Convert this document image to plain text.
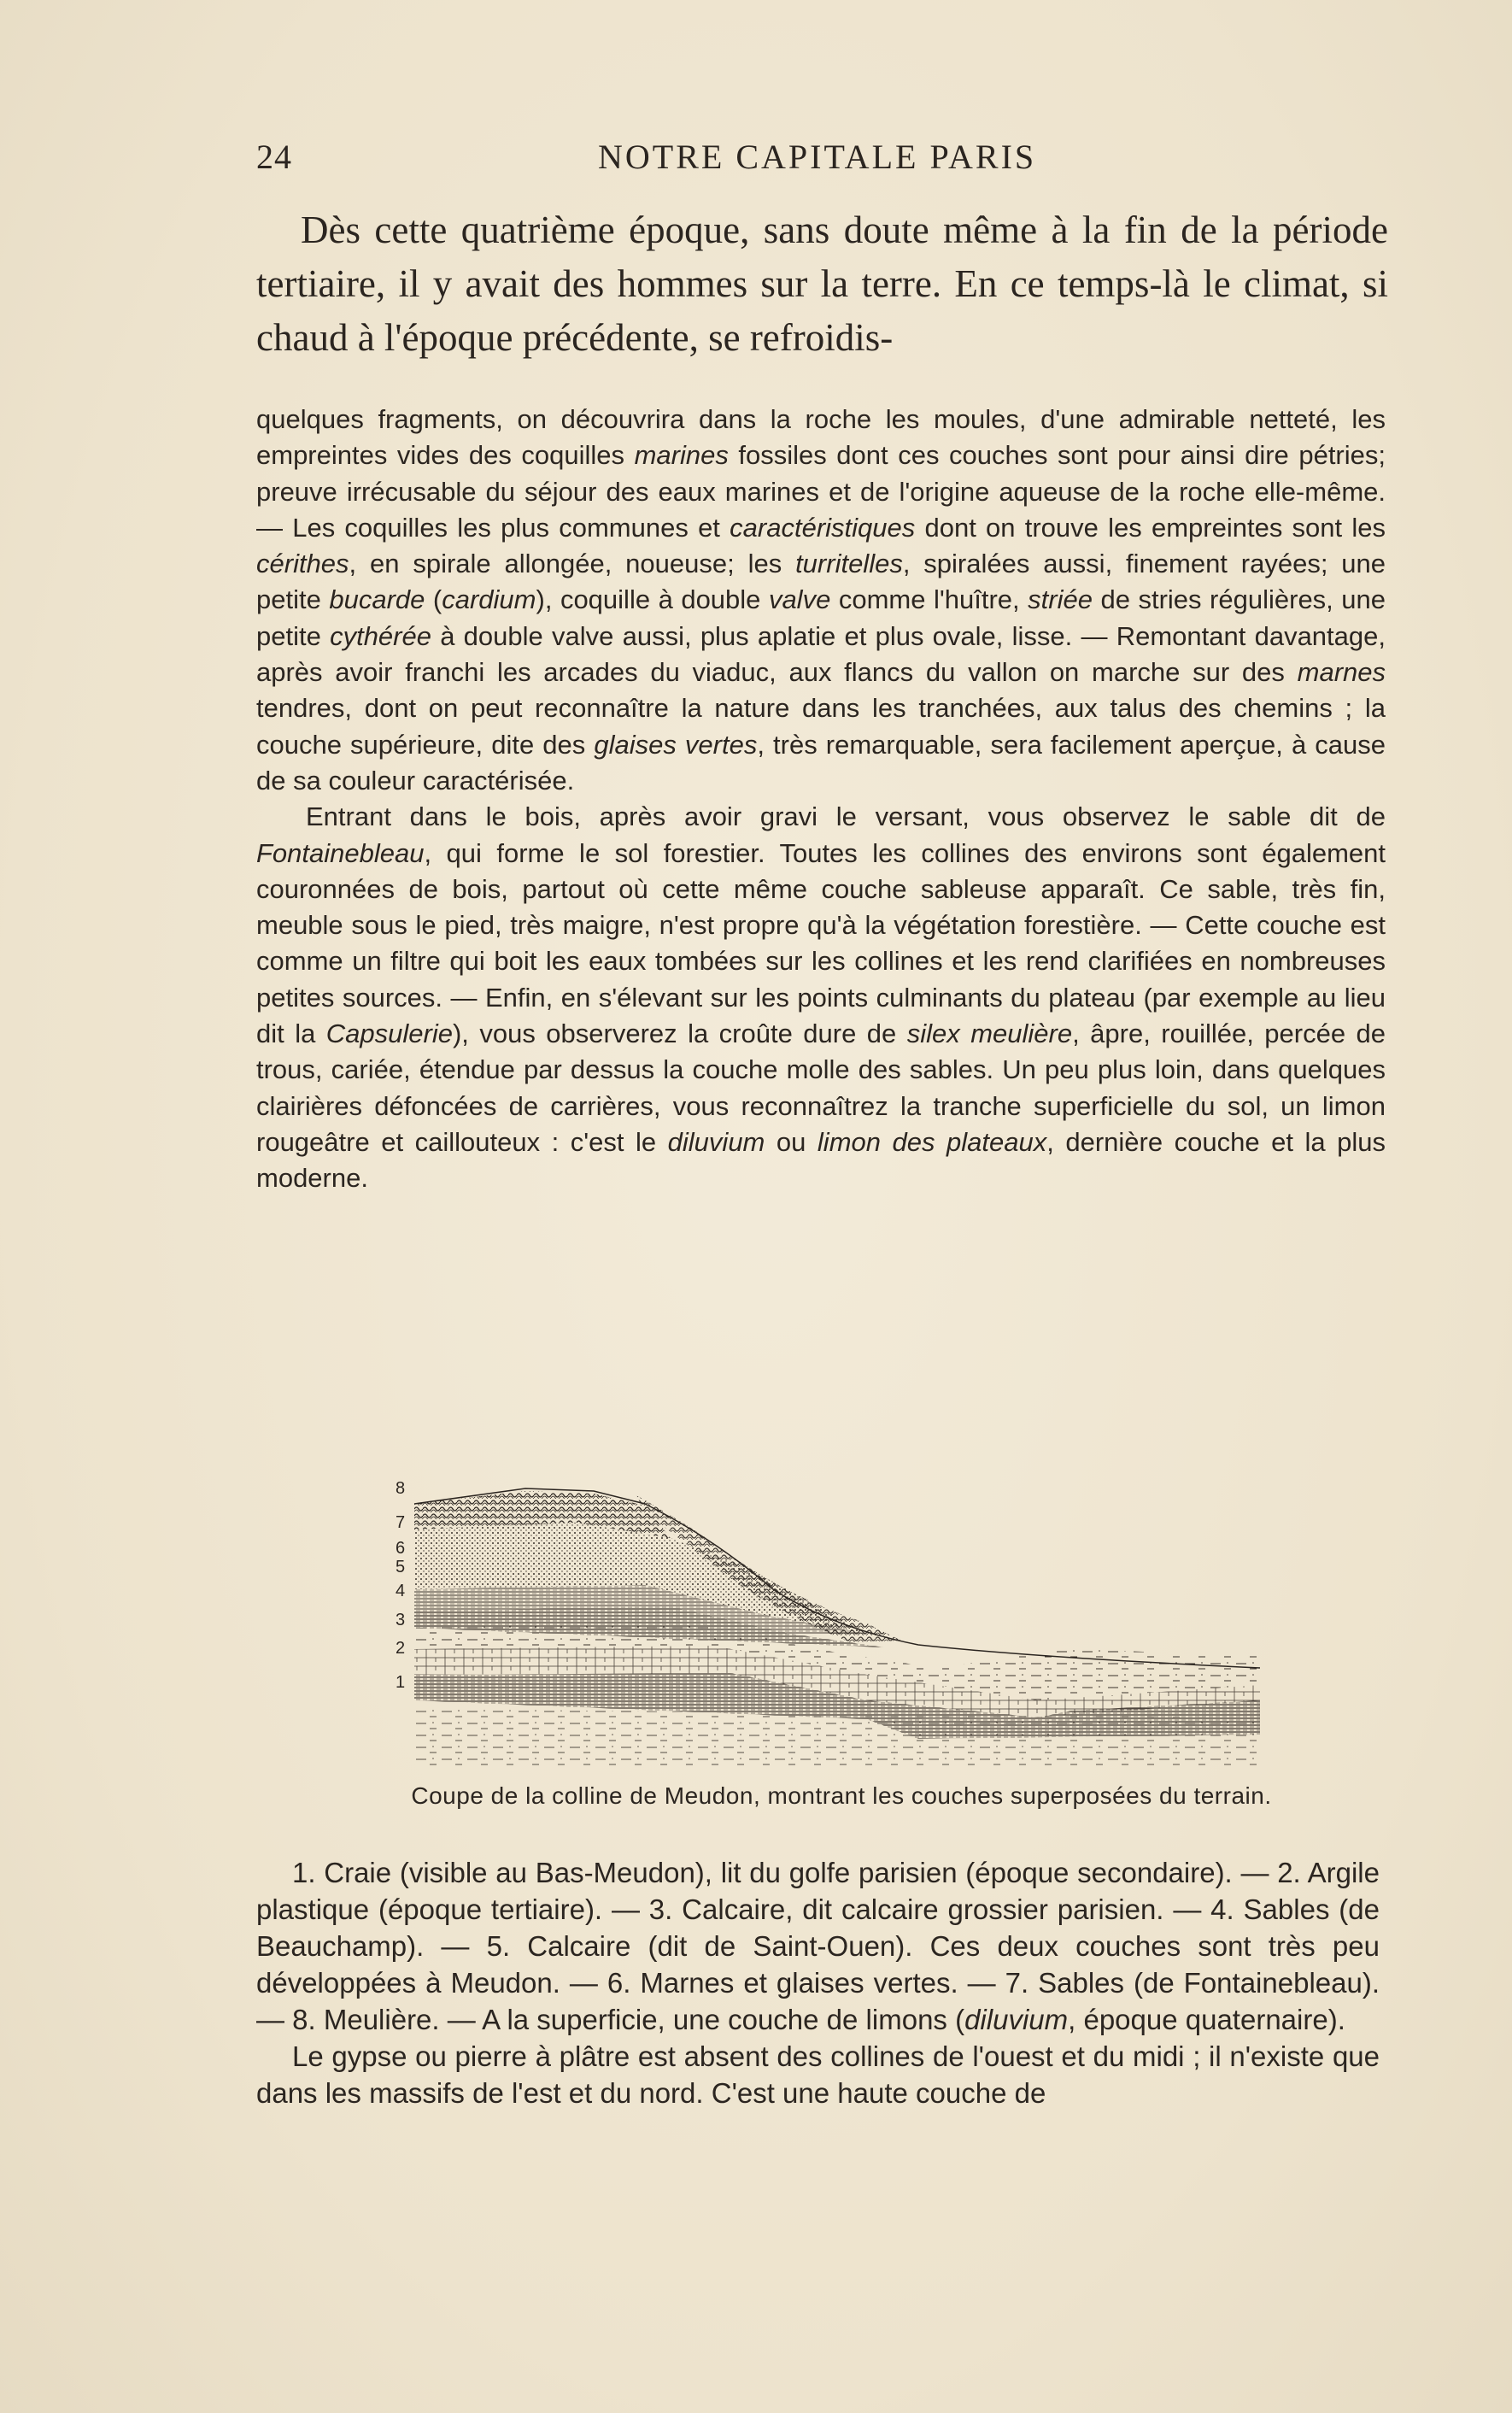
24	NOTRE CAPITALE PARIS

Dès cette quatrième époque, sans doute même à la fin de la période tertiaire, il y avait des hommes sur la terre. En ce temps-là le climat, si chaud à l'époque précédente, se refroidis-

quelques fragments, on découvrira dans la roche les moules, d'une admirable netteté, les empreintes vides des coquilles marines fossiles dont ces couches sont pour ainsi dire pétries; preuve irrécusable du séjour des eaux marines et de l'origine aqueuse de la roche elle-même. — Les coquilles les plus communes et caractéristiques dont on trouve les empreintes sont les cérithes, en spirale allongée, noueuse; les turritelles, spiralées aussi, finement rayées; une petite bucarde (cardium), coquille à double valve comme l'huître, striée de stries régulières, une petite cythérée à double valve aussi, plus aplatie et plus ovale, lisse. — Remontant davantage, après avoir franchi les arcades du viaduc, aux flancs du vallon on marche sur des marnes tendres, dont on peut reconnaître la nature dans les tranchées, aux talus des chemins ; la couche supérieure, dite des glaises vertes, très remarquable, sera facilement aperçue, à cause de sa couleur caractérisée.

Entrant dans le bois, après avoir gravi le versant, vous observez le sable dit de Fontainebleau, qui forme le sol forestier. Toutes les collines des environs sont également couronnées de bois, partout où cette même couche sableuse apparaît. Ce sable, très fin, meuble sous le pied, très maigre, n'est propre qu'à la végétation forestière. — Cette couche est comme un filtre qui boit les eaux tombées sur les collines et les rend clarifiées en nombreuses petites sources. — Enfin, en s'élevant sur les points culminants du plateau (par exemple au lieu dit la Capsulerie), vous observerez la croûte dure de silex meulière, âpre, rouillée, percée de trous, cariée, étendue par dessus la couche molle des sables. Un peu plus loin, dans quelques clairières défoncées de carrières, vous reconnaîtrez la tranche superficielle du sol, un limon rougeâtre et caillouteux : c'est le diluvium ou limon des plateaux, dernière couche et la plus moderne.

8
7
6
5
4
3
2
1
Coupe de la colline de Meudon, montrant les couches superposées du terrain.

1. Craie (visible au Bas-Meudon), lit du golfe parisien (époque secondaire). — 2. Argile plastique (époque tertiaire). — 3. Calcaire, dit calcaire grossier parisien. — 4. Sables (de Beauchamp). — 5. Calcaire (dit de Saint-Ouen). Ces deux couches sont très peu développées à Meudon. — 6. Marnes et glaises vertes. — 7. Sables (de Fontainebleau). — 8. Meulière. — A la superficie, une couche de limons (diluvium, époque quaternaire).

Le gypse ou pierre à plâtre est absent des collines de l'ouest et du midi ; il n'existe que dans les massifs de l'est et du nord. C'est une haute couche de
